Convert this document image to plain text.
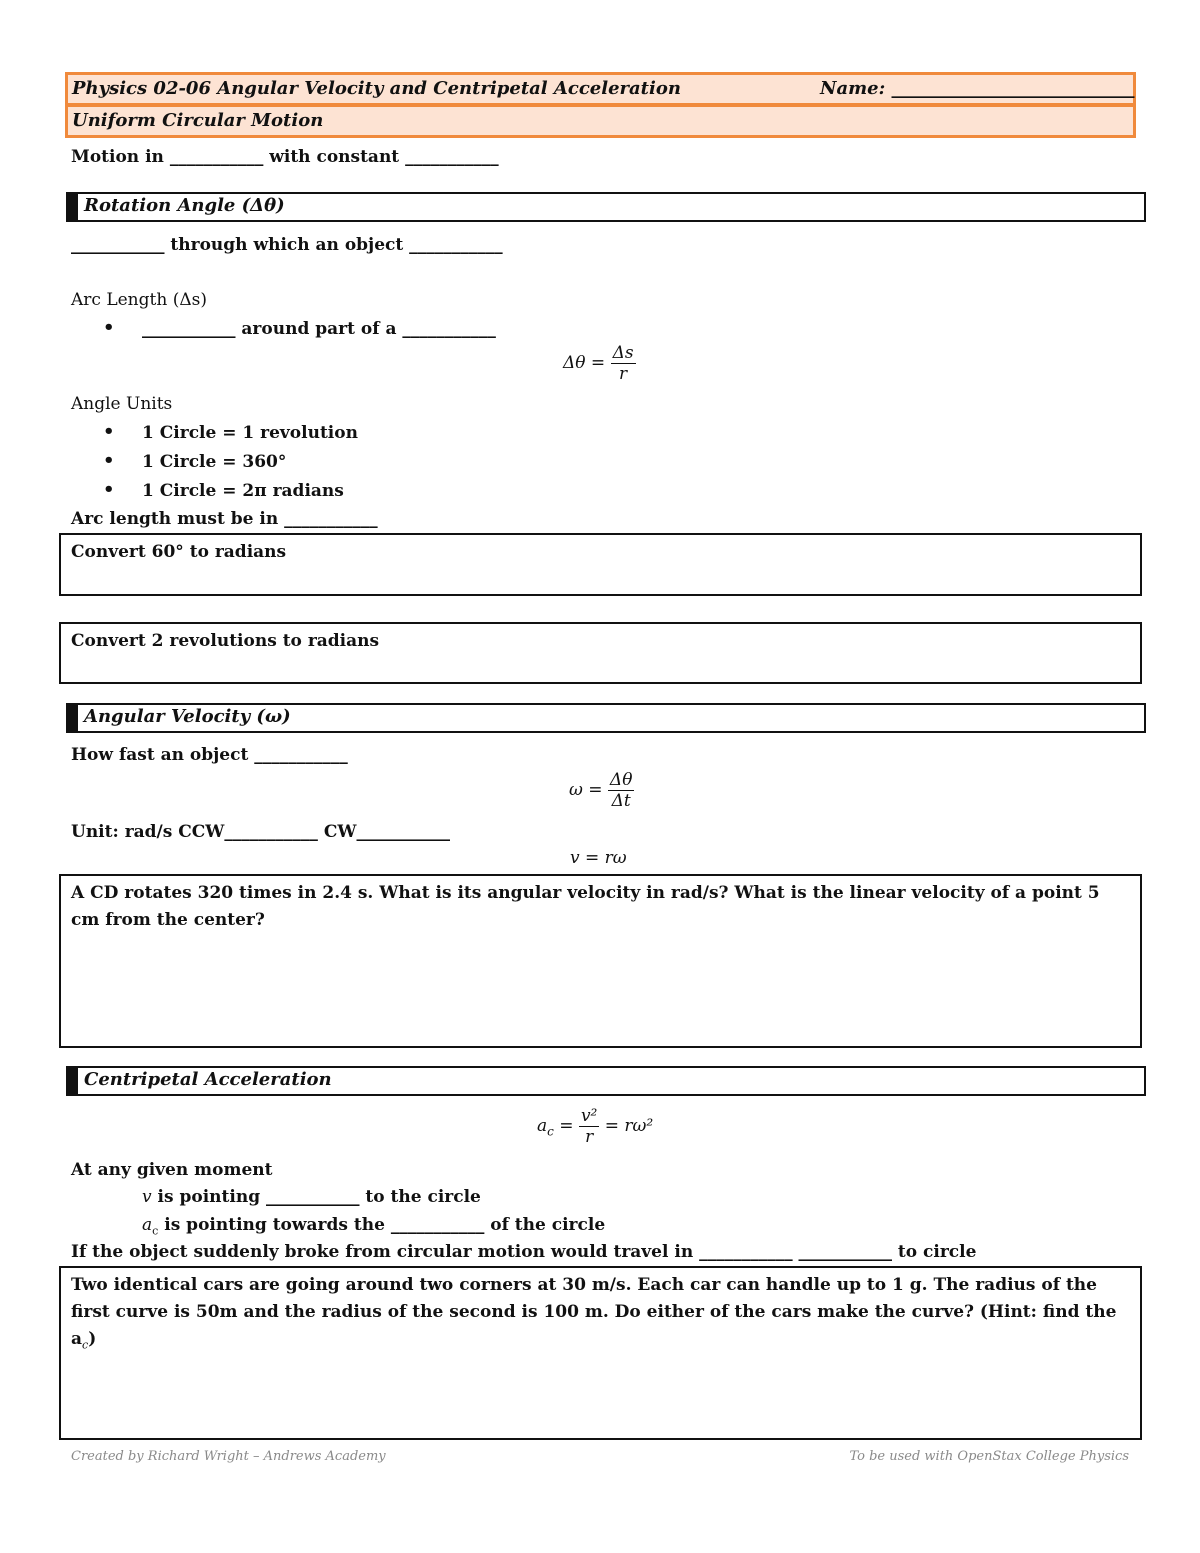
Physics 02-06 Angular Velocity and Centripetal Acceleration	Name: ___________________________
Uniform Circular Motion
Motion in ___________ with constant ___________
Rotation Angle (Δθ)
___________ through which an object ___________
Arc Length (Δs)
• ___________ around part of a ___________
$\Delta\theta = \frac{\Delta s}{r}$
Angle Units
• 1 Circle = 1 revolution
• 1 Circle = 360°
• 1 Circle = 2π radians
Arc length must be in ___________
Convert 60° to radians
Convert 2 revolutions to radians
Angular Velocity (ω)
How fast an object ___________
$\omega = \frac{\Delta\theta}{\Delta t}$
Unit: rad/s CCW___________ CW___________
v = rω
A CD rotates 320 times in 2.4 s. What is its angular velocity in rad/s? What is the linear velocity of a point 5 cm from the center?
Centripetal Acceleration
$a_c = \frac{\text{v²}}{r} = r\omega^2$
At any given moment
v is pointing ___________ to the circle
$a_c$ is pointing towards the ___________ of the circle
If the object suddenly broke from circular motion would travel in ___________ ___________ to circle
Two identical cars are going around two corners at 30 m/s. Each car can handle up to 1 g. The radius of the first curve is 50m and the radius of the second is 100 m. Do either of the cars make the curve? (Hint: find the $a_c$)
Created by Richard Wright – Andrews Academy	To be used with OpenStax College Physics
